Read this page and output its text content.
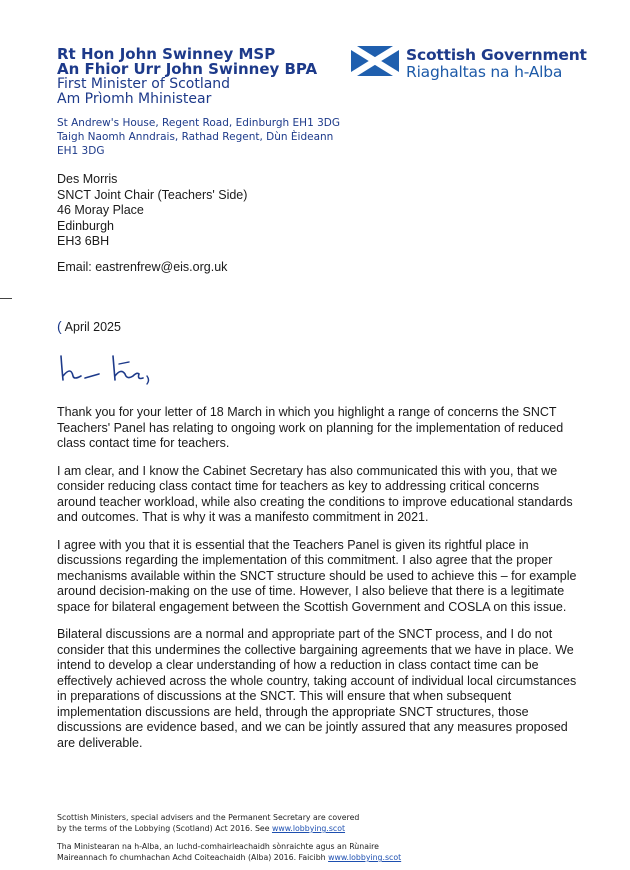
Rt Hon John Swinney MSP
An Fhior Urr John Swinney BPA
First Minister of Scotland
Am Prìomh Mhinistear
Scottish Government
Riaghaltas na h-Alba
St Andrew's House, Regent Road, Edinburgh EH1 3DG
Taigh Naomh Anndrais, Rathad Regent, Dùn Èideann
EH1 3DG
Des Morris
SNCT Joint Chair (Teachers' Side)
46 Moray Place
Edinburgh
EH3 6BH
Email: eastrenfrew@eis.org.uk
( April 2025
Dear Des,

Thank you for your letter of 18 March in which you highlight a range of concerns the SNCT Teachers' Panel has relating to ongoing work on planning for the implementation of reduced class contact time for teachers.

I am clear, and I know the Cabinet Secretary has also communicated this with you, that we consider reducing class contact time for teachers as key to addressing critical concerns around teacher workload, while also creating the conditions to improve educational standards and outcomes. That is why it was a manifesto commitment in 2021.

I agree with you that it is essential that the Teachers Panel is given its rightful place in discussions regarding the implementation of this commitment. I also agree that the proper mechanisms available within the SNCT structure should be used to achieve this – for example around decision-making on the use of time. However, I also believe that there is a legitimate space for bilateral engagement between the Scottish Government and COSLA on this issue.

Bilateral discussions are a normal and appropriate part of the SNCT process, and I do not consider that this undermines the collective bargaining agreements that we have in place. We intend to develop a clear understanding of how a reduction in class contact time can be effectively achieved across the whole country, taking account of individual local circumstances in preparations of discussions at the SNCT. This will ensure that when subsequent implementation discussions are held, through the appropriate SNCT structures, those discussions are evidence based, and we can be jointly assured that any measures proposed are deliverable.

Scottish Ministers, special advisers and the Permanent Secretary are covered
by the terms of the Lobbying (Scotland) Act 2016. See www.lobbying.scot

Tha Ministearan na h-Alba, an luchd-comhairleachaidh sònraichte agus an Rùnaire
Maireannach fo chumhachan Achd Coiteachaidh (Alba) 2016. Faicibh www.lobbying.scot
